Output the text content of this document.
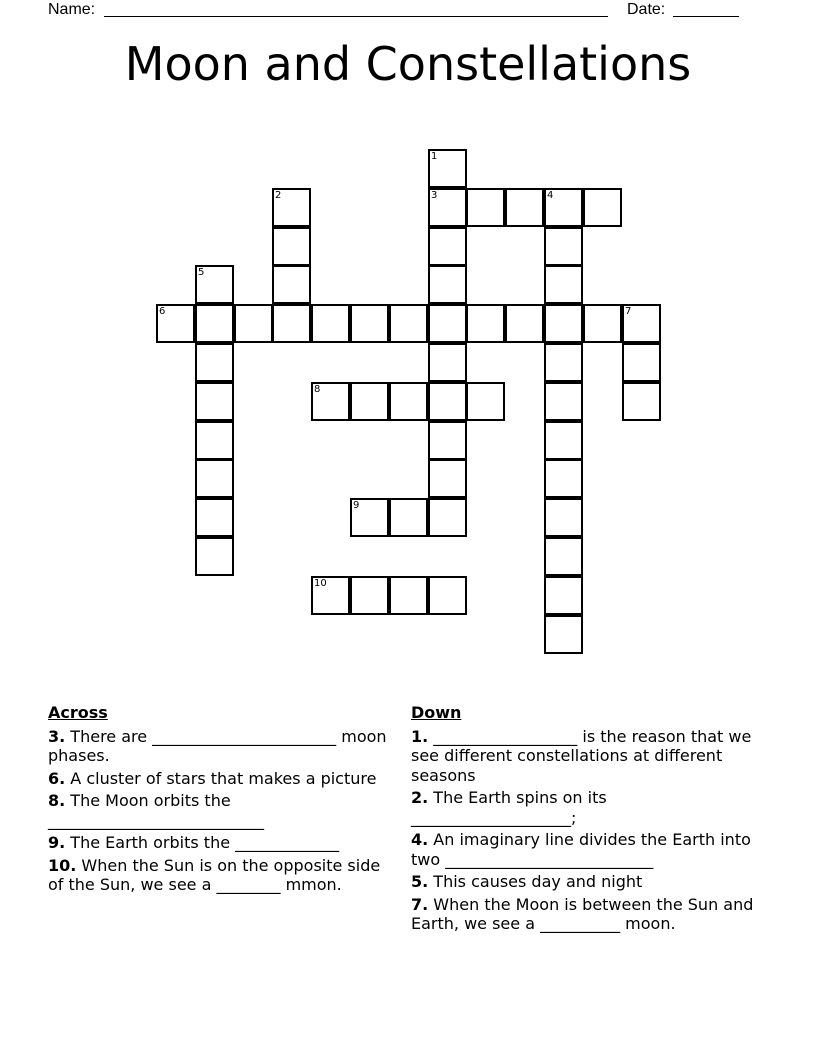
Name:	Date:
Moon and Constellations
1
3
2	4
5
6	7
8
9
10
Across
3. There are _______________________ moon phases.
6. A cluster of stars that makes a picture
8. The Moon orbits the ___________________________
9. The Earth orbits the _____________
10. When the Sun is on the opposite side of the Sun, we see a ________ mmon.
Down
1. __________________ is the reason that we see different constellations at different seasons
2. The Earth spins on its ____________________;
4. An imaginary line divides the Earth into two __________________________
5. This causes day and night
7. When the Moon is between the Sun and Earth, we see a __________ moon.
